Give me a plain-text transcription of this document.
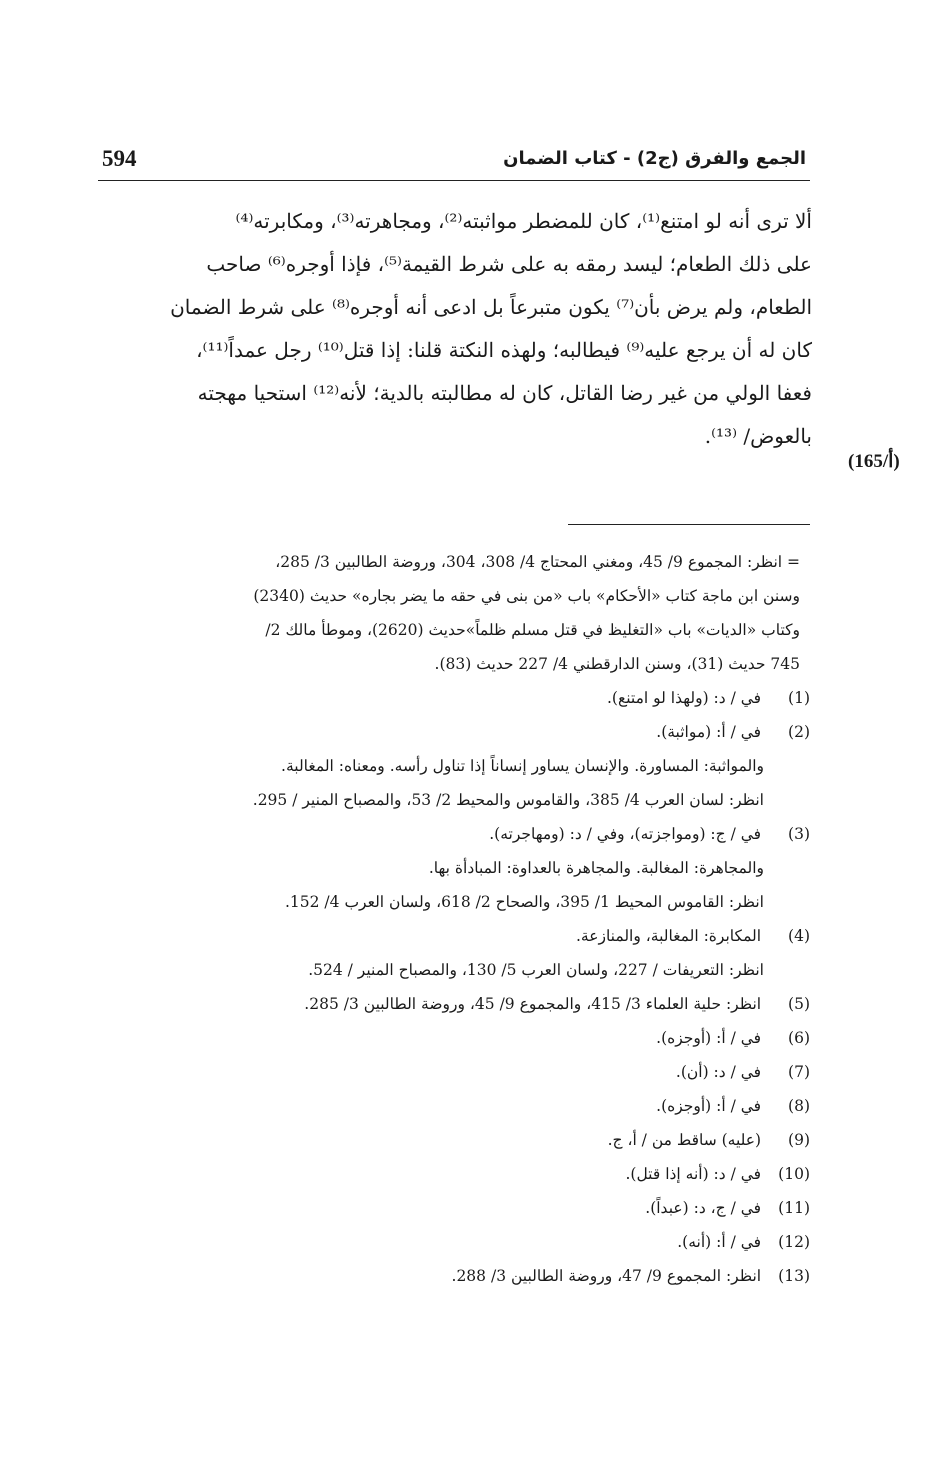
594	الجمع والفرق (ج2) - كتاب الضمان

ألا ترى أنه لو امتنع⁽¹⁾، كان للمضطر مواثبته⁽²⁾، ومجاهرته⁽³⁾، ومكابرته⁽⁴⁾

على ذلك الطعام؛ ليسد رمقه به على شرط القيمة⁽⁵⁾، فإذا أوجره⁽⁶⁾ صاحب

الطعام، ولم يرض بأن⁽⁷⁾ يكون متبرعاً بل ادعى أنه أوجره⁽⁸⁾ على شرط الضمان

كان له أن يرجع عليه⁽⁹⁾ فيطالبه؛ ولهذه النكتة قلنا: إذا قتل⁽¹⁰⁾ رجل عمداً⁽¹¹⁾،

فعفا الولي من غير رضا القاتل، كان له مطالبته بالدية؛ لأنه⁽¹²⁾ استحيا مهجته

بالعوض/ ⁽¹³⁾.

(165/أ)
= انظر: المجموع 9/ 45، ومغني المحتاج 4/ 308، 304، وروضة الطالبين 3/ 285،
وسنن ابن ماجة كتاب «الأحكام» باب «من بنى في حقه ما يضر بجاره» حديث (2340)
وكتاب «الديات» باب «التغليظ في قتل مسلم ظلماً»حديث (2620)، وموطأ مالك 2/
745 حديث (31)، وسنن الدارقطني 4/ 227 حديث (83).
(1) في / د: (ولهذا لو امتنع).
(2) في / أ: (مواثبة).
والمواثبة: المساورة. والإنسان يساور إنساناً إذا تناول رأسه. ومعناه: المغالبة.
انظر: لسان العرب 4/ 385، والقاموس والمحيط 2/ 53، والمصباح المنير / 295.
(3) في / ج: (ومواجزته)، وفي / د: (ومهاجرته).
والمجاهرة: المغالبة. والمجاهرة بالعداوة: المبادأة بها.
انظر: القاموس المحيط 1/ 395، والصحاح 2/ 618، ولسان العرب 4/ 152.
(4) المكابرة: المغالبة، والمنازعة.
انظر: التعريفات / 227، ولسان العرب 5/ 130، والمصباح المنير / 524.
(5) انظر: حلية العلماء 3/ 415، والمجموع 9/ 45، وروضة الطالبين 3/ 285.
(6) في / أ: (أوجزه).
(7) في / د: (أن).
(8) في / أ: (أوجزه).
(9) (عليه) ساقط من / أ، ج.
(10) في / د: (أنه إذا قتل).
(11) في / ج، د: (عبداً).
(12) في / أ: (أنه).
(13) انظر: المجموع 9/ 47، وروضة الطالبين 3/ 288.
